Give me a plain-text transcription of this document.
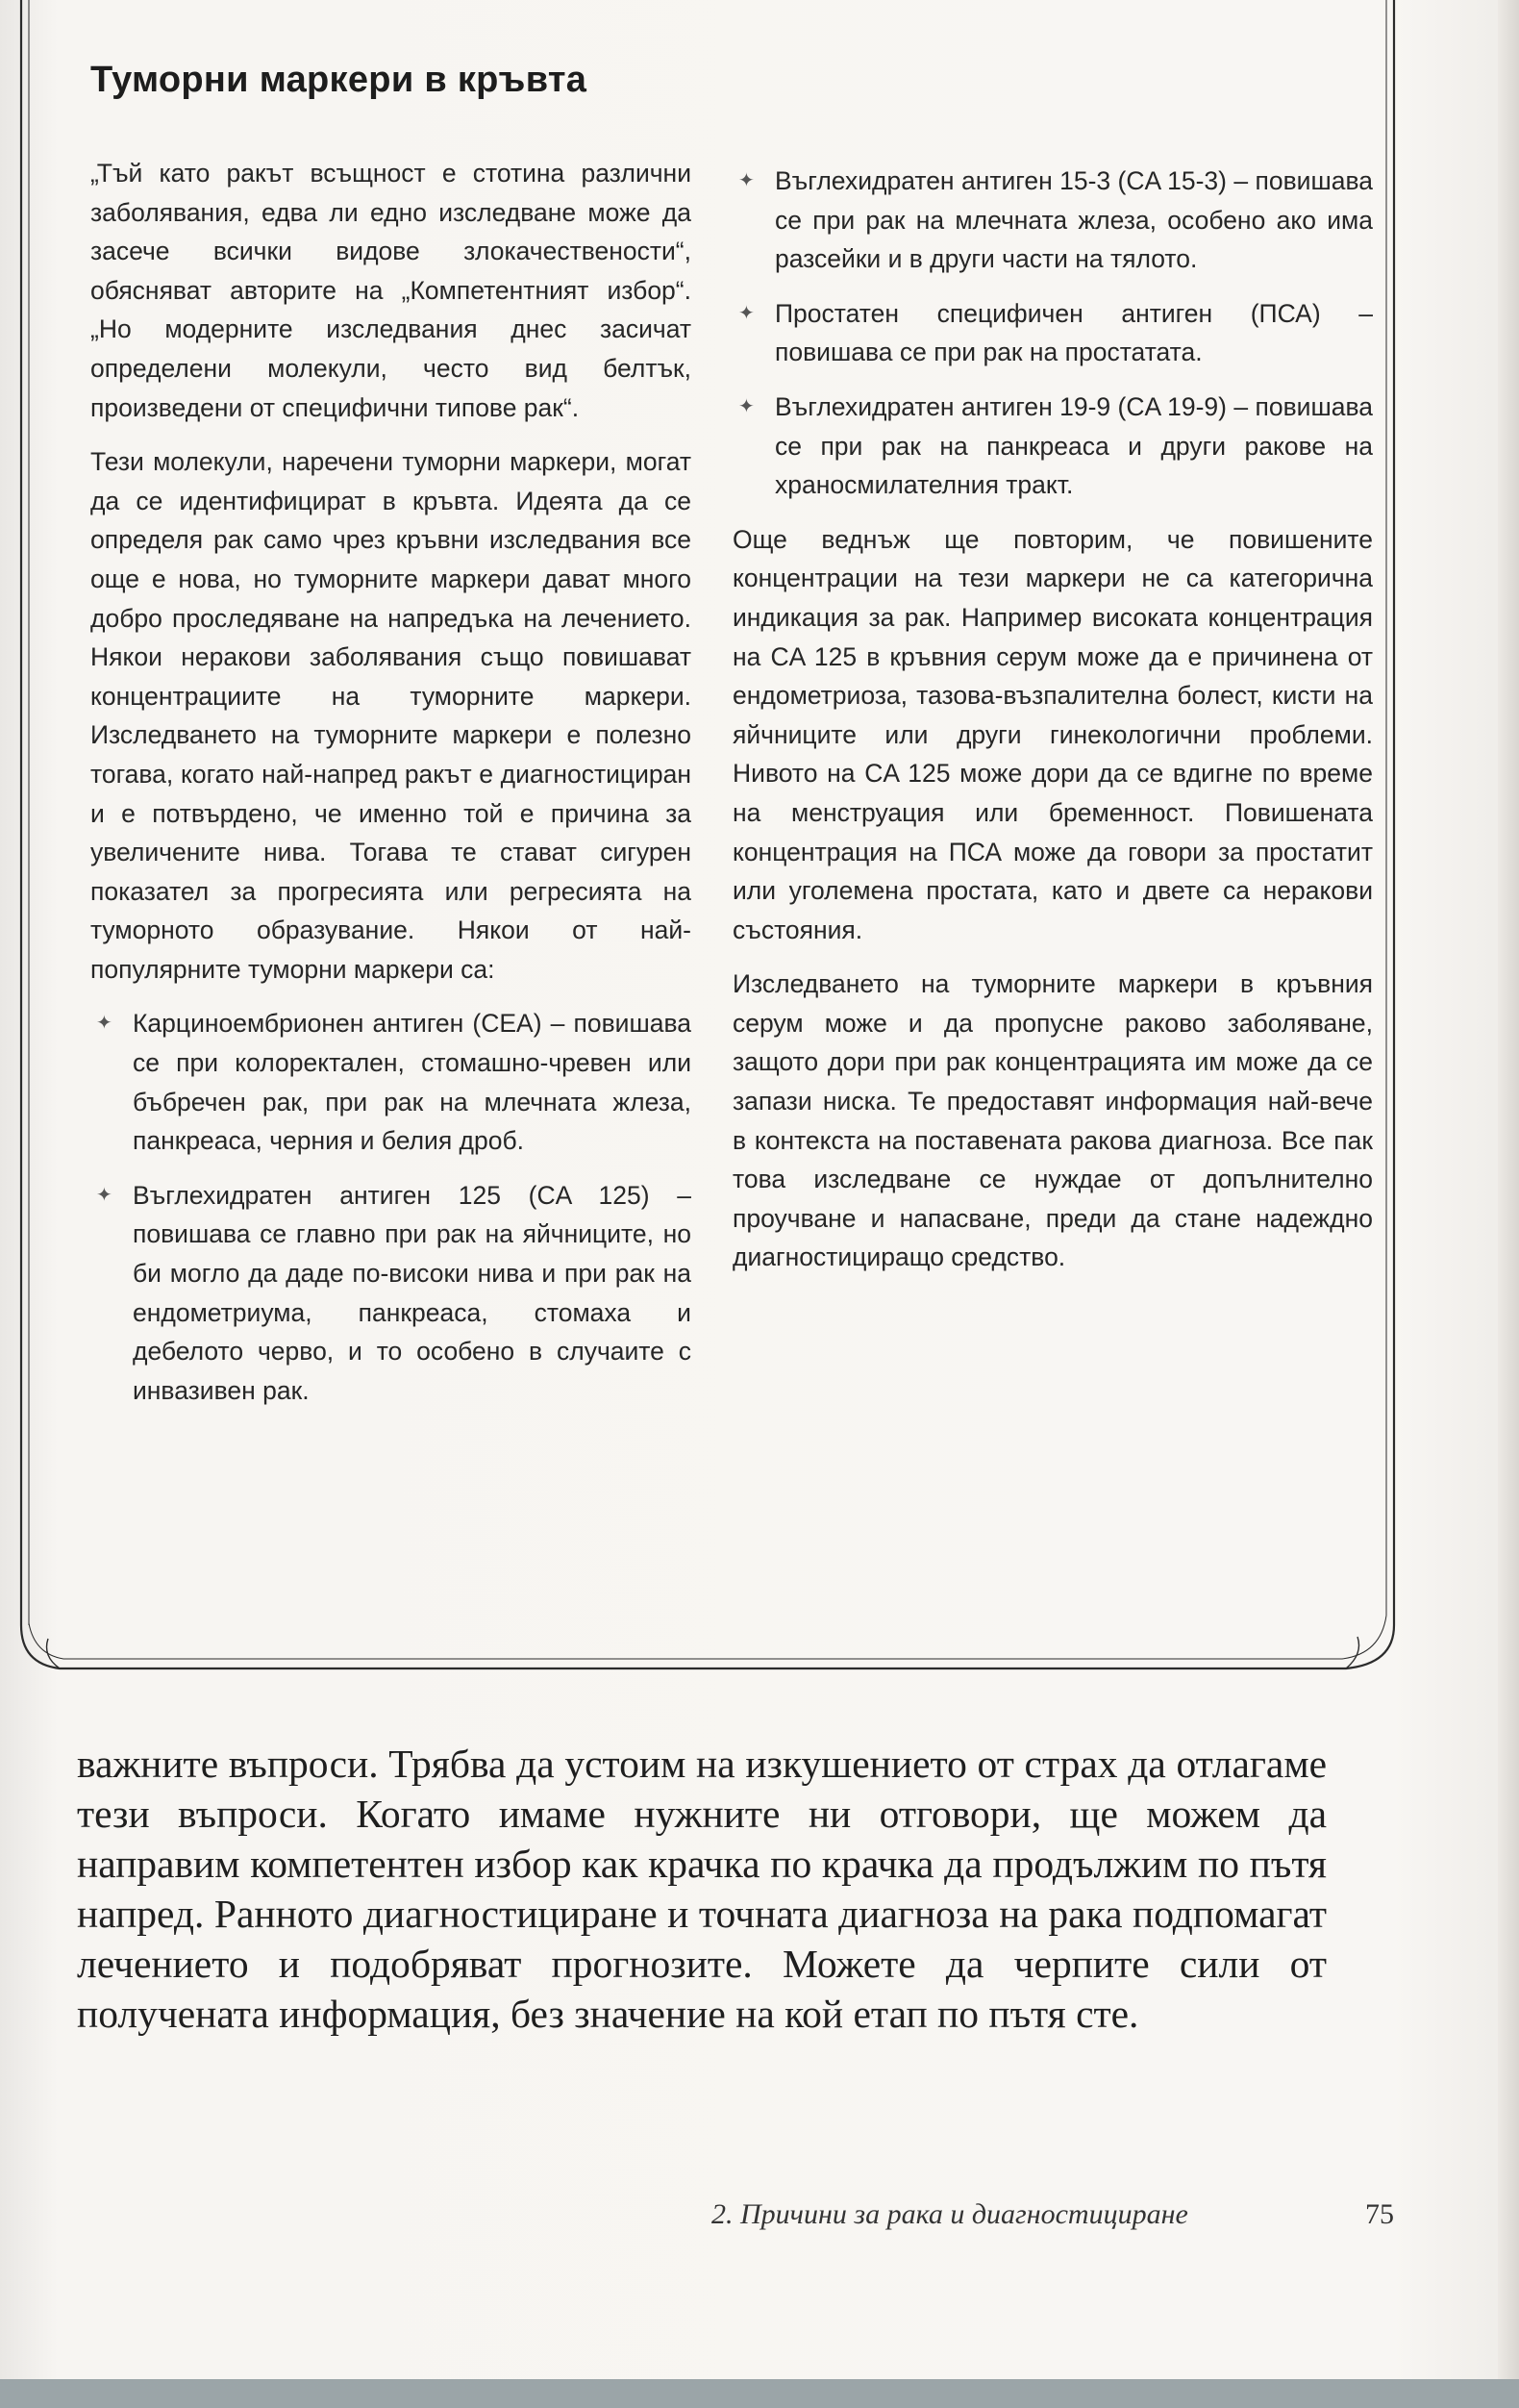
Туморни маркери в кръвта

„Тъй като ракът всъщност е стотина различни заболявания, едва ли едно изследване може да засече всички видове злокачествености“, обясняват авторите на „Компетентният избор“. „Но модерните изследвания днес засичат определени молекули, често вид белтък, произведени от специфични типове рак“.

Тези молекули, наречени туморни маркери, могат да се идентифицират в кръвта. Идеята да се определя рак само чрез кръвни изследвания все още е нова, но туморните маркери дават много добро проследяване на напредъка на лечението. Някои неракови заболявания също повишават концентрациите на туморните маркери. Изследването на туморните маркери е полезно тогава, когато най-напред ракът е диагностициран и е потвърдено, че именно той е причина за увеличените нива. Тогава те стават сигурен показател за прогресията или регресията на туморното образувание. Някои от най-популярните туморни маркери са:

✦ Карциноембрионен антиген (CEA) – повишава се при колоректален, стомашно-чревен или бъбречен рак, при рак на млечната жлеза, панкреаса, черния и белия дроб.
✦ Въглехидратен антиген 125 (CA 125) – повишава се главно при рак на яйчниците, но би могло да даде по-високи нива и при рак на ендометриума, панкреаса, стомаха и дебелото черво, и то особено в случаите с инвазивен рак.
✦ Въглехидратен антиген 15-3 (CA 15-3) – повишава се при рак на млечната жлеза, особено ако има разсейки и в други части на тялото.
✦ Простатен специфичен антиген (ПСА) – повишава се при рак на простатата.
✦ Въглехидратен антиген 19-9 (CA 19-9) – повишава се при рак на панкреаса и други ракове на храносмилателния тракт.

Още веднъж ще повторим, че повишените концентрации на тези маркери не са категорична индикация за рак. Например високата концентрация на CA 125 в кръвния серум може да е причинена от ендометриоза, тазова-възпалителна болест, кисти на яйчниците или други гинекологични проблеми. Нивото на CA 125 може дори да се вдигне по време на менструация или бременност. Повишената концентрация на ПСА може да говори за простатит или уголемена простата, като и двете са неракови състояния.

Изследването на туморните маркери в кръвния серум може и да пропусне раково заболяване, защото дори при рак концентрацията им може да се запази ниска. Те предоставят информация най-вече в контекста на поставената ракова диагноза. Все пак това изследване се нуждае от допълнително проучване и напасване, преди да стане надеждно диагностициращо средство.

важните въпроси. Трябва да устоим на изкушението от страх да отлагаме тези въпроси. Когато имаме нужните ни отговори, ще можем да направим компетентен избор как крачка по крачка да продължим по пътя напред. Ранното диагностициране и точната диагноза на рака подпомагат лечението и подобряват прогнозите. Можете да черпите сили от получената информация, без значение на кой етап по пътя сте.

2. Причини за рака и диагностициране	75
